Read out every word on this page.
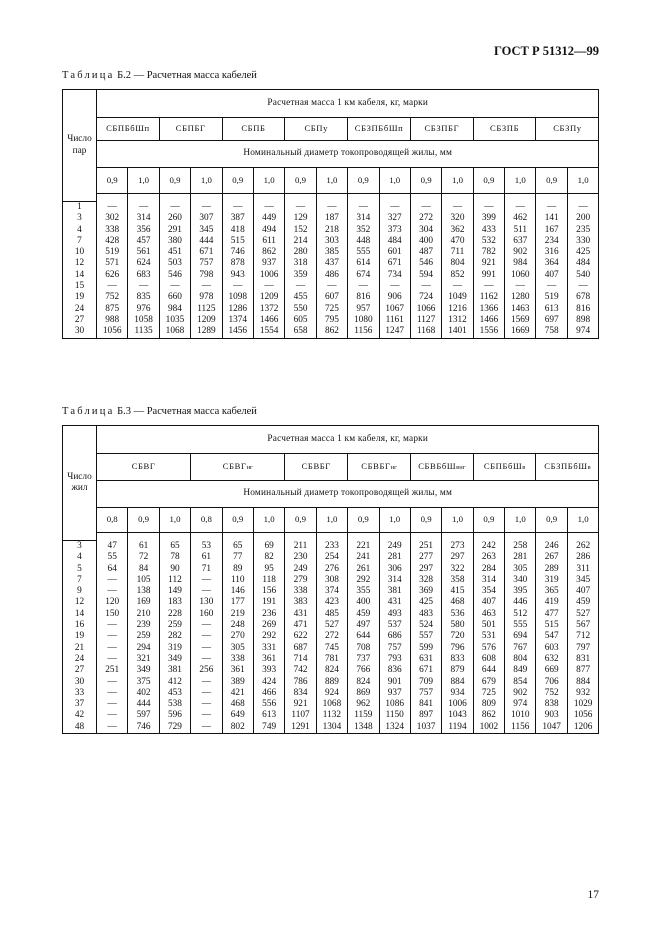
ГОСТ Р 51312—99
Таблица Б.2 — Расчетная масса кабелей
Число
пар	Расчетная масса 1 км кабеля, кг, марки															
	СБПБбШп		СБПБГ		СБПБ		СБПу		СБЗПБбШп		СБЗПБГ		СБЗПБ		СБЗПу	
	Номинальный диаметр токопроводящей жилы, мм															
	0,9	1,0	0,9	1,0	0,9	1,0	0,9	1,0	0,9	1,0	0,9	1,0	0,9	1,0	0,9	1,0

1	—	—	—	—	—	—	—	—	—	—	—	—	—	—	—	—
3	302	314	260	307	387	449	129	187	314	327	272	320	399	462	141	200
4	338	356	291	345	418	494	152	218	352	373	304	362	433	511	167	235
7	428	457	380	444	515	611	214	303	448	484	400	470	532	637	234	330
10	519	561	451	671	746	862	280	385	555	601	487	711	782	902	316	425
12	571	624	503	757	878	937	318	437	614	671	546	804	921	984	364	484
14	626	683	546	798	943	1006	359	486	674	734	594	852	991	1060	407	540
15	—	—	—	—	—	—	—	—	—	—	—	—	—	—	—	—
19	752	835	660	978	1098	1209	455	607	816	906	724	1049	1162	1280	519	678
24	875	976	984	1125	1286	1372	550	725	957	1067	1066	1216	1366	1463	613	816
27	988	1058	1035	1209	1374	1466	605	795	1080	1161	1127	1312	1466	1569	697	898
30	1056	1135	1068	1289	1456	1554	658	862	1156	1247	1168	1401	1556	1669	758	974
Таблица Б.3 — Расчетная масса кабелей
Число
жил	Расчетная масса 1 км кабеля, кг, марки															
	СБВГ			СБВГнг			СБВБГ		СБВБГнг		СБВБбШвнг		СБПБбШв		СБЗПБбШв	
	Номинальный диаметр токопроводящей жилы, мм															
	0,8	0,9	1,0	0,8	0,9	1,0	0,9	1,0	0,9	1,0	0,9	1,0	0,9	1,0	0,9	1,0

3	47	61	65	53	65	69	211	233	221	249	251	273	242	258	246	262
4	55	72	78	61	77	82	230	254	241	281	277	297	263	281	267	286
5	64	84	90	71	89	95	249	276	261	306	297	322	284	305	289	311
7	—	105	112	—	110	118	279	308	292	314	328	358	314	340	319	345
9	—	138	149	—	146	156	338	374	355	381	369	415	354	395	365	407
12	120	169	183	130	177	191	383	423	400	431	425	468	407	446	419	459
14	150	210	228	160	219	236	431	485	459	493	483	536	463	512	477	527
16	—	239	259	—	248	269	471	527	497	537	524	580	501	555	515	567
19	—	259	282	—	270	292	622	272	644	686	557	720	531	694	547	712
21	—	294	319	—	305	331	687	745	708	757	599	796	576	767	603	797
24	—	321	349	—	338	361	714	781	737	793	631	833	608	804	632	831
27	251	349	381	256	361	393	742	824	766	836	671	879	644	849	669	877
30	—	375	412	—	389	424	786	889	824	901	709	884	679	854	706	884
33	—	402	453	—	421	466	834	924	869	937	757	934	725	902	752	932
37	—	444	538	—	468	556	921	1068	962	1086	841	1006	809	974	838	1029
42	—	597	596	—	649	613	1107	1132	1159	1150	897	1043	862	1010	903	1056
48	—	746	729	—	802	749	1291	1304	1348	1324	1037	1194	1002	1156	1047	1206
17
